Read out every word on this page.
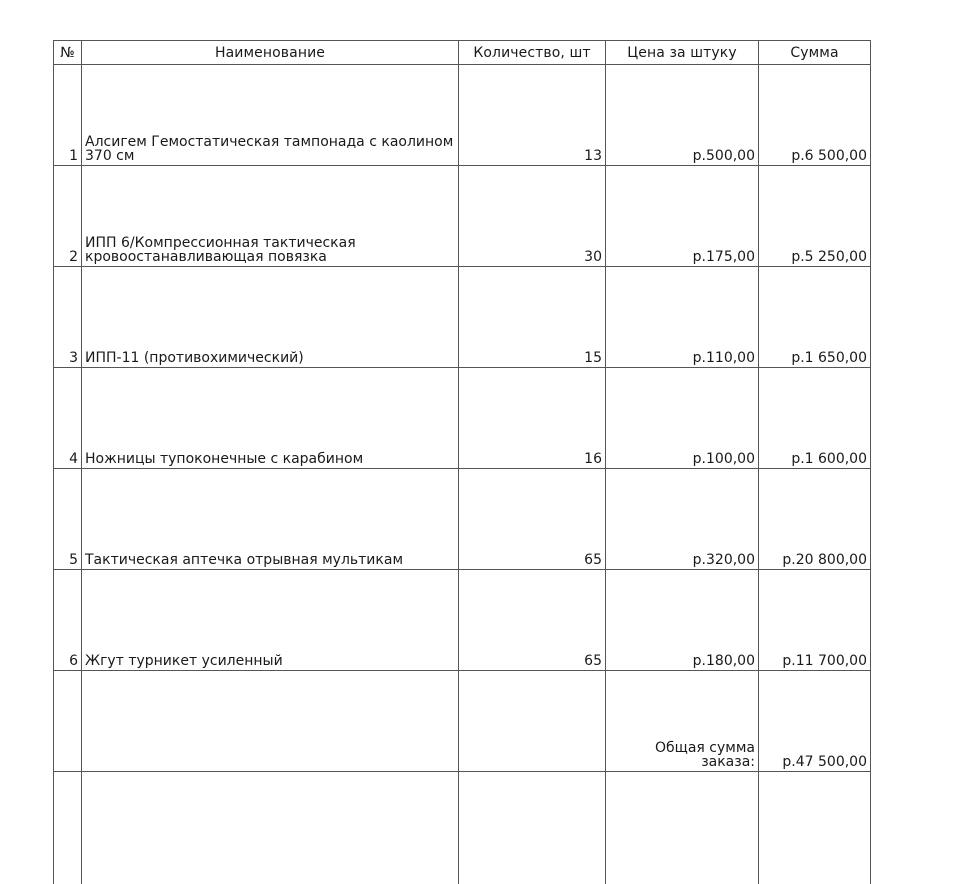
№	Наименование	Количество, шт	Цена за штуку	Сумма
1	Алсигем Гемостатическая тампонада с каолином 370 см	13	р.500,00	р.6 500,00
2	ИПП 6/Компрессионная тактическая кровоостанавливающая повязка	30	р.175,00	р.5 250,00
3	ИПП-11 (противохимический)	15	р.110,00	р.1 650,00
4	Ножницы тупоконечные с карабином	16	р.100,00	р.1 600,00
5	Тактическая аптечка отрывная мультикам	65	р.320,00	р.20 800,00
6	Жгут турникет усиленный	65	р.180,00	р.11 700,00
			Общая сумма заказа:	р.47 500,00
